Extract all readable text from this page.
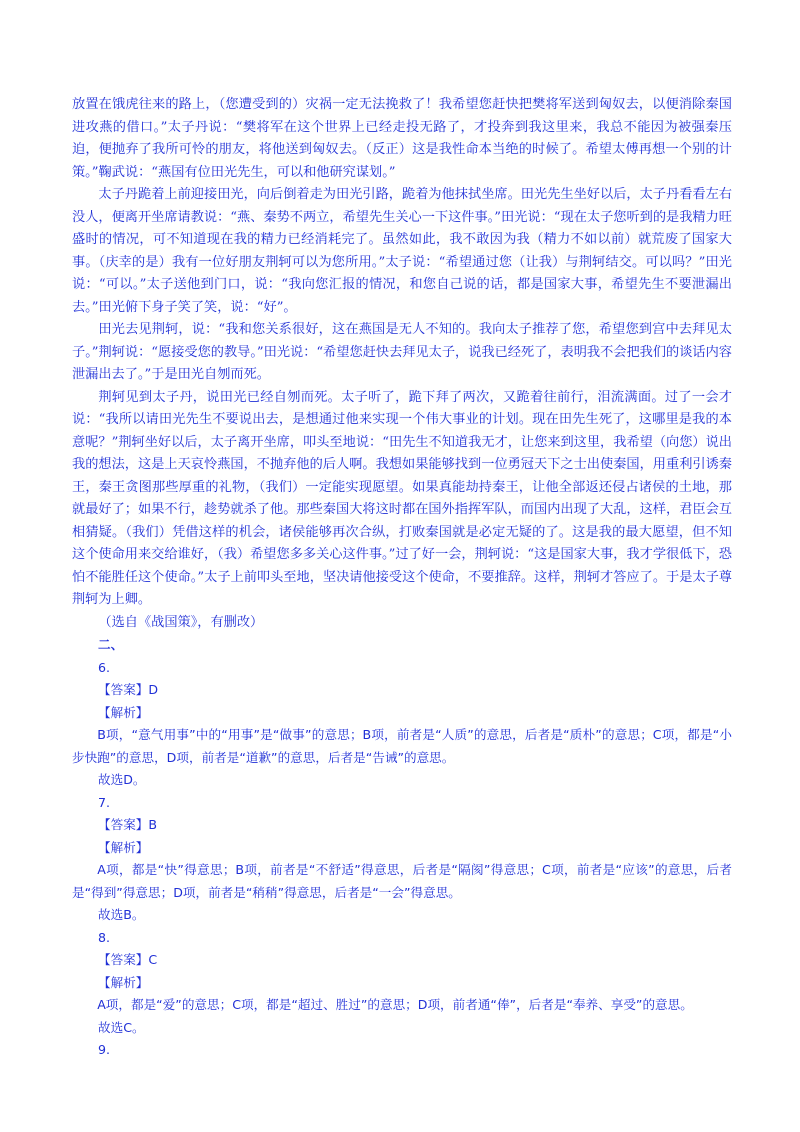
放置在饿虎往来的路上，（您遭受到的）灾祸一定无法挽救了！我希望您赶快把樊将军送到匈奴去，以便消除秦国进攻燕的借口。”太子丹说：“樊将军在这个世界上已经走投无路了，才投奔到我这里来，我总不能因为被强秦压迫，便抛弃了我所可怜的朋友，将他送到匈奴去。（反正）这是我性命本当绝的时候了。希望太傅再想一个别的计策。”鞠武说：“燕国有位田光先生，可以和他研究谋划。”

太子丹跪着上前迎接田光，向后倒着走为田光引路，跪着为他抹拭坐席。田光先生坐好以后，太子丹看看左右没人，便离开坐席请教说：“燕、秦势不两立，希望先生关心一下这件事。”田光说：“现在太子您听到的是我精力旺盛时的情况，可不知道现在我的精力已经消耗完了。虽然如此，我不敢因为我（精力不如以前）就荒废了国家大事。（庆幸的是）我有一位好朋友荆轲可以为您所用。”太子说：“希望通过您（让我）与荆轲结交。可以吗？”田光说：“可以。”太子送他到门口，说：“我向您汇报的情况，和您自己说的话，都是国家大事，希望先生不要泄漏出去。”田光俯下身子笑了笑，说：“好”。

田光去见荆轲，说：“我和您关系很好，这在燕国是无人不知的。我向太子推荐了您，希望您到宫中去拜见太子。”荆轲说：“愿接受您的教导。”田光说：“希望您赶快去拜见太子，说我已经死了，表明我不会把我们的谈话内容泄漏出去了。”于是田光自刎而死。

荆轲见到太子丹，说田光已经自刎而死。太子听了，跪下拜了两次，又跪着往前行，泪流满面。过了一会才说：“我所以请田光先生不要说出去，是想通过他来实现一个伟大事业的计划。现在田先生死了，这哪里是我的本意呢？”荆轲坐好以后，太子离开坐席，叩头至地说：“田先生不知道我无才，让您来到这里，我希望（向您）说出我的想法，这是上天哀怜燕国，不抛弃他的后人啊。我想如果能够找到一位勇冠天下之士出使秦国，用重利引诱秦王，秦王贪图那些厚重的礼物，（我们）一定能实现愿望。如果真能劫持秦王，让他全部返还侵占诸侯的土地，那就最好了；如果不行，趁势就杀了他。那些秦国大将这时都在国外指挥军队，而国内出现了大乱，这样，君臣会互相猜疑。（我们）凭借这样的机会，诸侯能够再次合纵，打败秦国就是必定无疑的了。这是我的最大愿望，但不知这个使命用来交给谁好，（我）希望您多多关心这件事。”过了好一会，荆轲说：“这是国家大事，我才学很低下，恐怕不能胜任这个使命。”太子上前叩头至地，坚决请他接受这个使命，不要推辞。这样，荆轲才答应了。于是太子尊荆轲为上卿。

（选自《战国策》，有删改）

二、

6.

【答案】D

【解析】

B项，“意气用事”中的“用事”是“做事”的意思；B项，前者是“人质”的意思，后者是“质朴”的意思；C项，都是“小步快跑”的意思，D项，前者是“道歉”的意思，后者是“告诫”的意思。

故选D。

7.

【答案】B

【解析】

A项，都是“快”得意思；B项，前者是“不舒适”得意思，后者是“隔阂”得意思；C项，前者是“应该”的意思，后者是“得到”得意思；D项，前者是“稍稍”得意思，后者是“一会”得意思。

故选B。

8.

【答案】C

【解析】

A项，都是“爱”的意思；C项，都是“超过、胜过”的意思；D项，前者通“俸”，后者是“奉养、享受”的意思。

故选C。

9.
